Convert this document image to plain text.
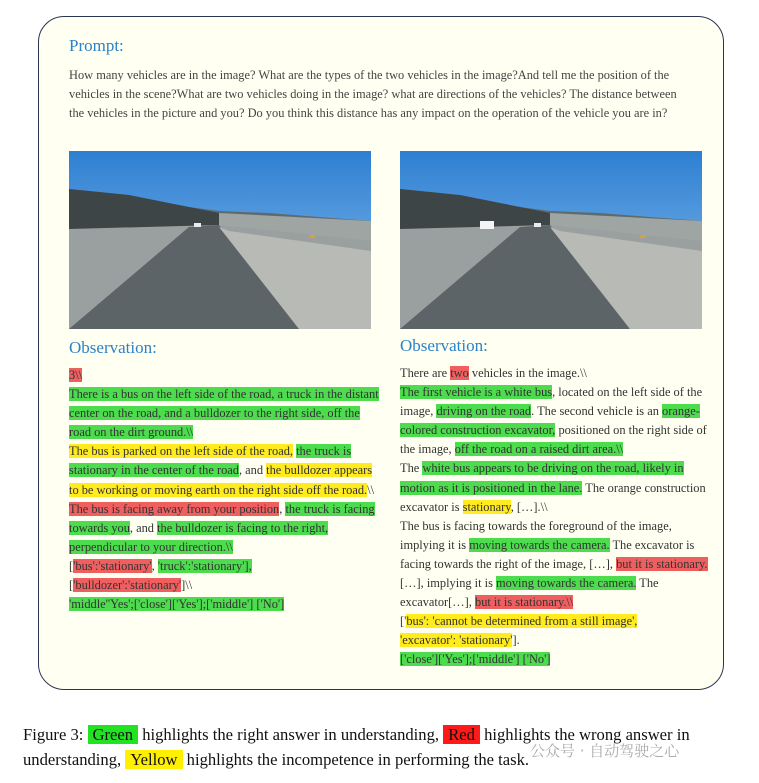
Prompt:
How many vehicles are in the image? What are the types of the two vehicles in the image?And tell me the position of the vehicles in the scene?What are two vehicles doing in the image? what are directions of the vehicles? The distance between the vehicles in the picture and you? Do you think this distance has any impact on the operation of the vehicle you are in?
Observation:
3\\
There is a bus on the left side of the road, a truck in the distant center on the road, and a bulldozer to the right side, off the road on the dirt ground.\\
The bus is parked on the left side of the road, the truck is stationary in the center of the road, and the bulldozer appears to be working or moving earth on the right side off the road.\\
The bus is facing away from your position, the truck is facing towards you, and the bulldozer is facing to the right, perpendicular to your direction.\\
['bus':'stationary', 'truck':'stationary'],
['bulldozer':'stationary']\\
'middle''Yes';['close']['Yes'];['middle'] ['No']
Observation:
There are two vehicles in the image.\\
The first vehicle is a white bus, located on the left side of the image, driving on the road. The second vehicle is an orange-colored construction excavator, positioned on the right side of the image, off the road on a raised dirt area.\\
The white bus appears to be driving on the road, likely in motion as it is positioned in the lane. The orange construction excavator is stationary, […].\\
The bus is facing towards the foreground of the image, implying it is moving towards the camera. The excavator is facing towards the right of the image, […], but it is stationary.
[…], implying it is moving towards the camera. The excavator[…], but it is stationary.\\
['bus': 'cannot be determined from a still image',
'excavator': 'stationary'].
['close']['Yes'];['middle'] ['No']
Figure 3: Green highlights the right answer in understanding, Red highlights the wrong answer in understanding, Yellow highlights the incompetence in performing the task. 公众号 · 自动驾驶之心
